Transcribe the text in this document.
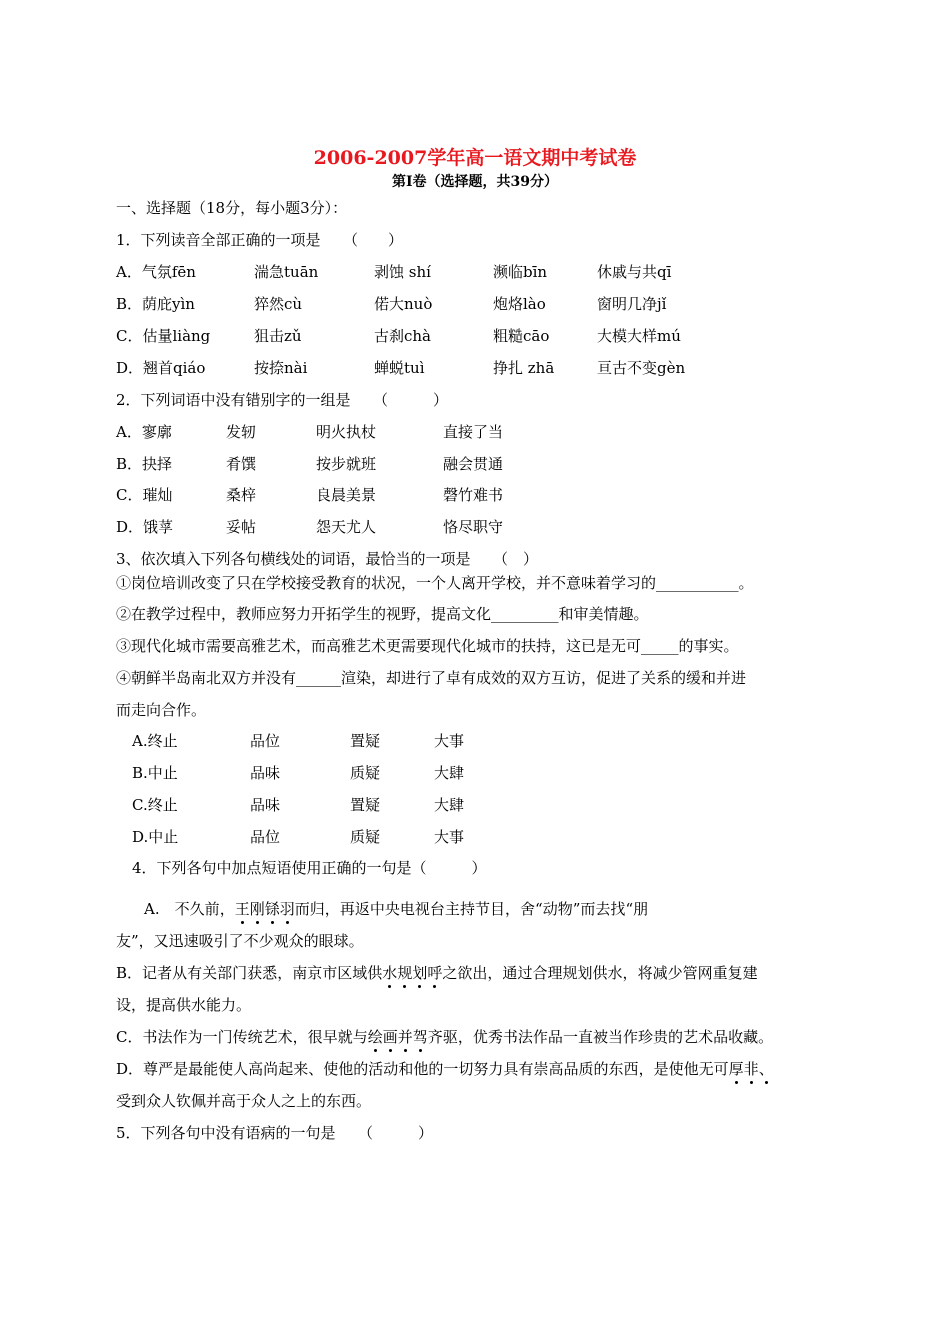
2006-2007学年高一语文期中考试卷
第Ⅰ卷（选择题，共39分）
一、选择题（18分，每小题3分）：
1．下列读音全部正确的一项是　　（　　）
A．气氛fēn	湍急tuān	剥蚀 shí	濒临bīn	休戚与共qī
B．荫庇yìn	猝然cù	偌大nuò	炮烙lào	窗明几净jǐ
C．估量liàng	狙击zǔ	古刹chà	粗糙cāo	大模大样mú
D．翘首qiáo	按捺nài	蝉蜕tuì	挣扎 zhā	亘古不变gèn
2．下列词语中没有错别字的一组是　　（　　　）
A．寥廓	发轫	明火执杖	直接了当
B．抉择	肴馔	按步就班	融会贯通
C．璀灿	桑梓	良晨美景	磬竹难书
D．饿莩	妥帖	怨天尤人	恪尽职守
3、依次填入下列各句横线处的词语，最恰当的一项是　　（　）
①岗位培训改变了只在学校接受教育的状况，一个人离开学校，并不意味着学习的___________。
②在教学过程中，教师应努力开拓学生的视野，提高文化_________和审美情趣。
③现代化城市需要高雅艺术，而高雅艺术更需要现代化城市的扶持，这已是无可_____的事实。
④朝鲜半岛南北双方并没有______渲染，却进行了卓有成效的双方互访，促进了关系的缓和并进
而走向合作。
A.终止	品位	置疑	大事
B.中止	品味	质疑	大肆
C.终止	品味	置疑	大肆
D.中止	品位	质疑	大事
4．下列各句中加点短语使用正确的一句是（　　　）
A.　 不久前，王刚铩羽而归，再返中央电视台主持节目，舍“动物”而去找“朋
友”，又迅速吸引了不少观众的眼球。
B．记者从有关部门获悉，南京市区域供水规划呼之欲出，通过合理规划供水，将减少管网重复建
设，提高供水能力。
C．书法作为一门传统艺术，很早就与绘画并驾齐驱，优秀书法作品一直被当作珍贵的艺术品收藏。
D．尊严是最能使人高尚起来、使他的活动和他的一切努力具有崇高品质的东西，是使他无可厚非、
受到众人钦佩并高于众人之上的东西。
5．下列各句中没有语病的一句是　　（　　　）
